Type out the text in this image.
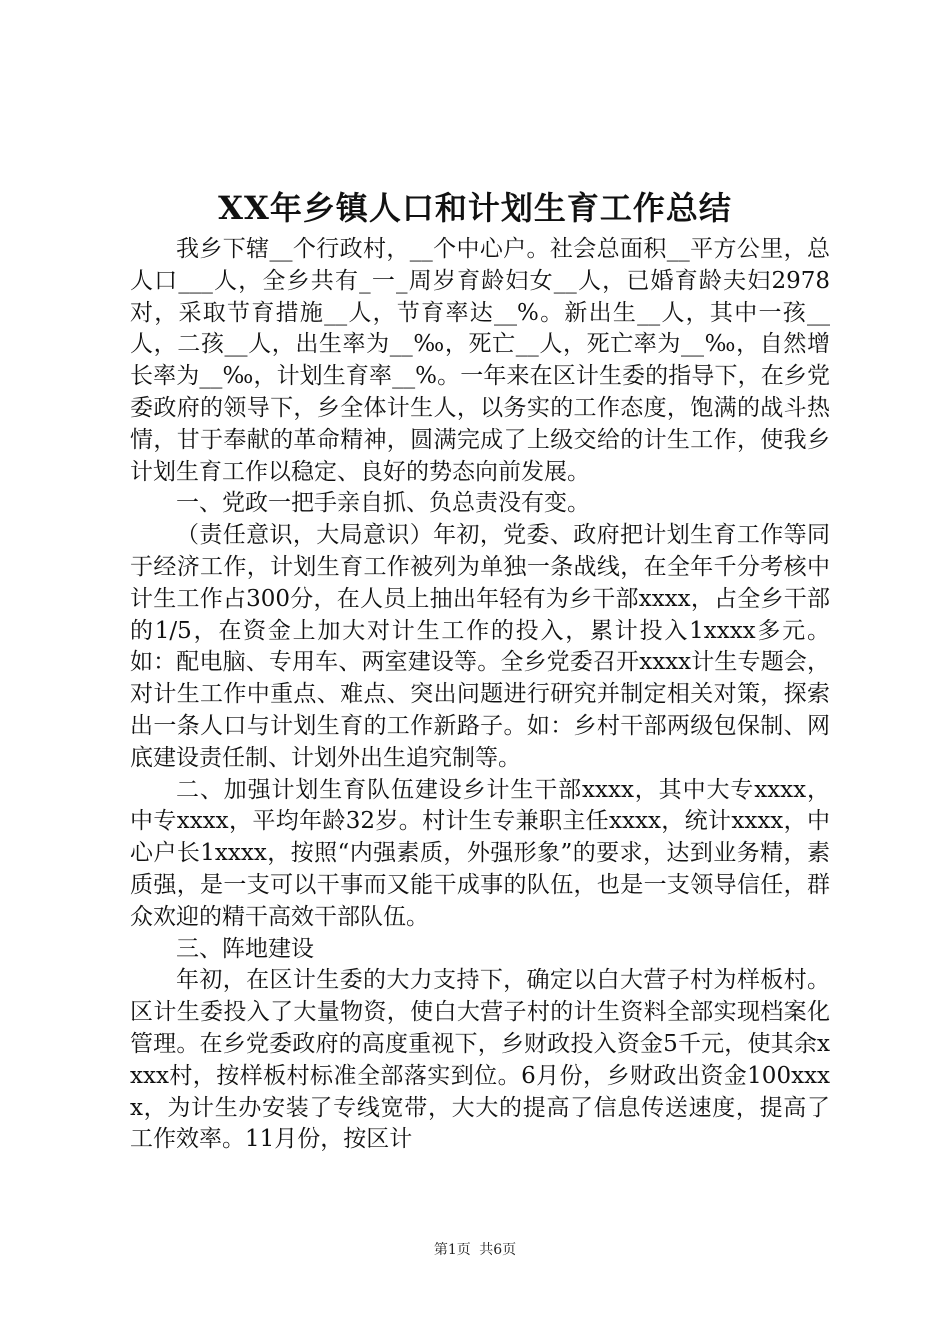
XX年乡镇人口和计划生育工作总结

我乡下辖__个行政村，__个中心户。社会总面积__平方公里，总人口___人，全乡共有_一_周岁育龄妇女__人，已婚育龄夫妇2978对，采取节育措施__人，节育率达__%。新出生__人，其中一孩__人，二孩__人，出生率为__‰，死亡__人，死亡率为__‰，自然增长率为__‰，计划生育率__%。一年来在区计生委的指导下，在乡党委政府的领导下，乡全体计生人，以务实的工作态度，饱满的战斗热情，甘于奉献的革命精神，圆满完成了上级交给的计生工作，使我乡计划生育工作以稳定、良好的势态向前发展。

一、党政一把手亲自抓、负总责没有变。

（责任意识，大局意识）年初，党委、政府把计划生育工作等同于经济工作，计划生育工作被列为单独一条战线，在全年千分考核中计生工作占300分，在人员上抽出年轻有为乡干部xxxx，占全乡干部的1/5，在资金上加大对计生工作的投入，累计投入1xxxx多元。如：配电脑、专用车、两室建设等。全乡党委召开xxxx计生专题会，对计生工作中重点、难点、突出问题进行研究并制定相关对策，探索出一条人口与计划生育的工作新路子。如：乡村干部两级包保制、网底建设责任制、计划外出生追究制等。

二、加强计划生育队伍建设乡计生干部xxxx，其中大专xxxx，中专xxxx，平均年龄32岁。村计生专兼职主任xxxx，统计xxxx，中心户长1xxxx，按照“内强素质，外强形象”的要求，达到业务精，素质强，是一支可以干事而又能干成事的队伍，也是一支领导信任，群众欢迎的精干高效干部队伍。

三、阵地建设

年初，在区计生委的大力支持下，确定以白大营子村为样板村。区计生委投入了大量物资，使白大营子村的计生资料全部实现档案化管理。在乡党委政府的高度重视下，乡财政投入资金5千元，使其余xxxx村，按样板村标准全部落实到位。6月份，乡财政出资金100xxxx，为计生办安装了专线宽带，大大的提高了信息传送速度，提高了工作效率。11月份，按区计

第1页 共6页
